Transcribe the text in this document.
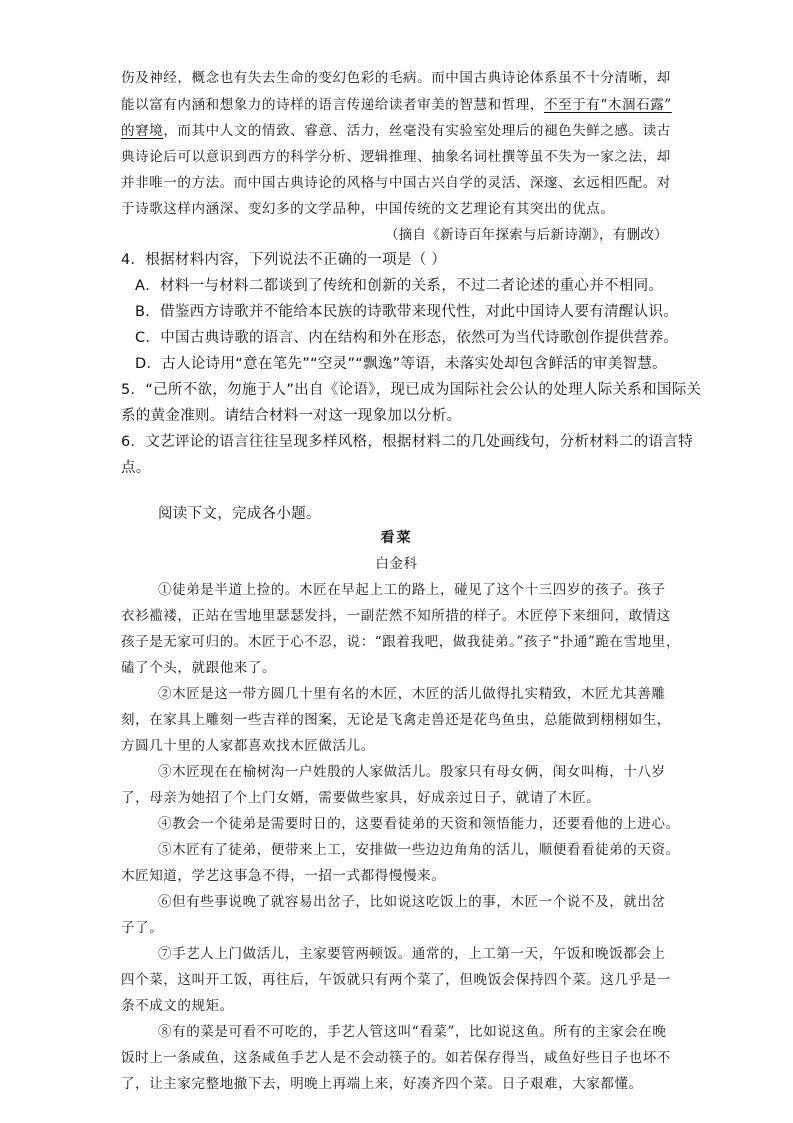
伤及神经，概念也有失去生命的变幻色彩的毛病。而中国古典诗论体系虽不十分清晰，却
能以富有内涵和想象力的诗样的语言传递给读者审美的智慧和哲理，不至于有“木涸石露”
的窘境，而其中人文的情致、睿意、活力，丝毫没有实验室处理后的褪色失鲜之感。读古
典诗论后可以意识到西方的科学分析、逻辑推理、抽象名词杜撰等虽不失为一家之法，却
并非唯一的方法。而中国古典诗论的风格与中国古兴自学的灵活、深邃、玄远相匹配。对
于诗歌这样内涵深、变幻多的文学品种，中国传统的文艺理论有其突出的优点。
（摘自《新诗百年探索与后新诗潮》，有删改）
4．根据材料内容，下列说法不正确的一项是（ ）
A．材料一与材料二都谈到了传统和创新的关系，不过二者论述的重心并不相同。
B．借鉴西方诗歌并不能给本民族的诗歌带来现代性，对此中国诗人要有清醒认识。
C．中国古典诗歌的语言、内在结构和外在形态，依然可为当代诗歌创作提供营养。
D．古人论诗用“意在笔先”“空灵”“飘逸”等语，未落实处却包含鲜活的审美智慧。
5．“己所不欲，勿施于人”出自《论语》，现已成为国际社会公认的处理人际关系和国际关
系的黄金准则。请结合材料一对这一现象加以分析。
6．文艺评论的语言往往呈现多样风格，根据材料二的几处画线句，分析材料二的语言特
点。
阅读下文，完成各小题。
看菜
白金科
①徒弟是半道上捡的。木匠在早起上工的路上，碰见了这个十三四岁的孩子。孩子
衣衫褴褛，正站在雪地里瑟瑟发抖，一副茫然不知所措的样子。木匠停下来细问，敢情这
孩子是无家可归的。木匠于心不忍，说：“跟着我吧，做我徒弟。”孩子“扑通”跪在雪地里，
磕了个头，就跟他来了。
②木匠是这一带方圆几十里有名的木匠，木匠的活儿做得扎实精致，木匠尤其善雕
刻，在家具上雕刻一些吉祥的图案，无论是飞禽走兽还是花鸟鱼虫，总能做到栩栩如生，
方圆几十里的人家都喜欢找木匠做活儿。
③木匠现在在榆树沟一户姓殷的人家做活儿。殷家只有母女俩，闺女叫梅，十八岁
了，母亲为她招了个上门女婿，需要做些家具，好成亲过日子，就请了木匠。
④教会一个徒弟是需要时日的，这要看徒弟的天资和领悟能力，还要看他的上进心。
⑤木匠有了徒弟，便带来上工，安排做一些边边角角的活儿，顺便看看徒弟的天资。
木匠知道，学艺这事急不得，一招一式都得慢慢来。
⑥但有些事说晚了就容易出岔子，比如说这吃饭上的事，木匠一个说不及，就出岔
子了。
⑦手艺人上门做活儿，主家要管两顿饭。通常的，上工第一天，午饭和晚饭都会上
四个菜，这叫开工饭，再往后，午饭就只有两个菜了，但晚饭会保持四个菜。这几乎是一
条不成文的规矩。
⑧有的菜是可看不可吃的，手艺人管这叫“看菜”，比如说这鱼。所有的主家会在晚
饭时上一条咸鱼，这条咸鱼手艺人是不会动筷子的。如若保存得当，咸鱼好些日子也坏不
了，让主家完整地撤下去，明晚上再端上来，好凑齐四个菜。日子艰难，大家都懂。
